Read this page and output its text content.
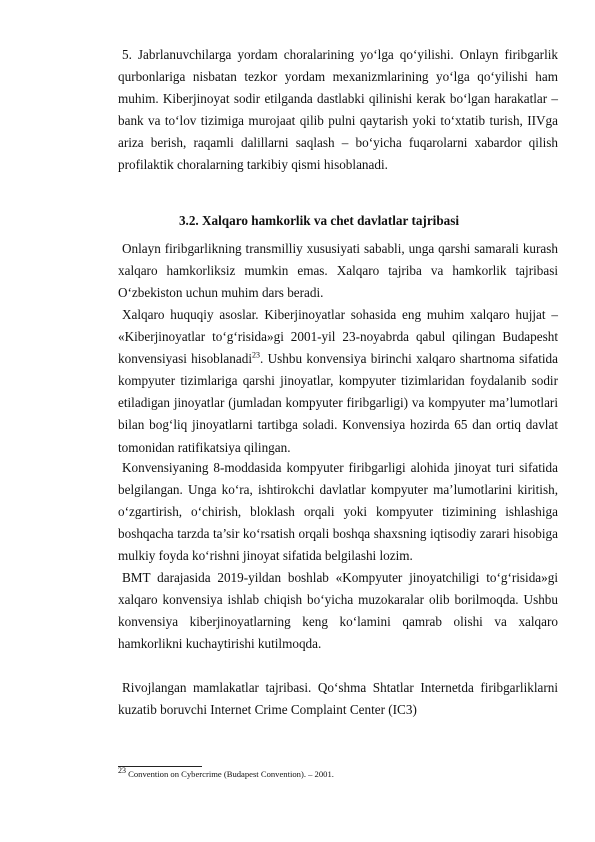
5. Jabrlanuvchilarga yordam choralarining yo‘lga qo‘yilishi. Onlayn firibgarlik qurbonlariga nisbatan tezkor yordam mexanizmlarining yo‘lga qo‘yilishi ham muhim. Kiberjinoyat sodir etilganda dastlabki qilinishi kerak bo‘lgan harakatlar – bank va to‘lov tizimiga murojaat qilib pulni qaytarish yoki to‘xtatib turish, IIVga ariza berish, raqamli dalillarni saqlash – bo‘yicha fuqarolarni xabardor qilish profilaktik choralarning tarkibiy qismi hisoblanadi.

3.2. Xalqaro hamkorlik va chet davlatlar tajribasi

Onlayn firibgarlikning transmilliy xususiyati sababli, unga qarshi samarali kurash xalqaro hamkorliksiz mumkin emas. Xalqaro tajriba va hamkorlik tajribasi O‘zbekiston uchun muhim dars beradi.

Xalqaro huquqiy asoslar. Kiberjinoyatlar sohasida eng muhim xalqaro hujjat – «Kiberjinoyatlar to‘g‘risida»gi 2001-yil 23-noyabrda qabul qilingan Budapesht konvensiyasi hisoblanadi$^{23}$. Ushbu konvensiya birinchi xalqaro shartnoma sifatida kompyuter tizimlariga qarshi jinoyatlar, kompyuter tizimlaridan foydalanib sodir etiladigan jinoyatlar (jumladan kompyuter firibgarligi) va kompyuter ma’lumotlari bilan bog‘liq jinoyatlarni tartibga soladi. Konvensiya hozirda 65 dan ortiq davlat tomonidan ratifikatsiya qilingan.

Konvensiyaning 8-moddasida kompyuter firibgarligi alohida jinoyat turi sifatida belgilangan. Unga ko‘ra, ishtirokchi davlatlar kompyuter ma’lumotlarini kiritish, o‘zgartirish, o‘chirish, bloklash orqali yoki kompyuter tizimining ishlashiga boshqacha tarzda ta’sir ko‘rsatish orqali boshqa shaxsning iqtisodiy zarari hisobiga mulkiy foyda ko‘rishni jinoyat sifatida belgilashi lozim.

BMT darajasida 2019-yildan boshlab «Kompyuter jinoyatchiligi to‘g‘risida»gi xalqaro konvensiya ishlab chiqish bo‘yicha muzokaralar olib borilmoqda. Ushbu konvensiya kiberjinoyatlarning keng ko‘lamini qamrab olishi va xalqaro hamkorlikni kuchaytirishi kutilmoqda.

Rivojlangan mamlakatlar tajribasi. Qo‘shma Shtatlar Internetda firibgarliklarni kuzatib boruvchi Internet Crime Complaint Center (IC3)

$^{23}$ Convention on Cybercrime (Budapest Convention). – 2001.
